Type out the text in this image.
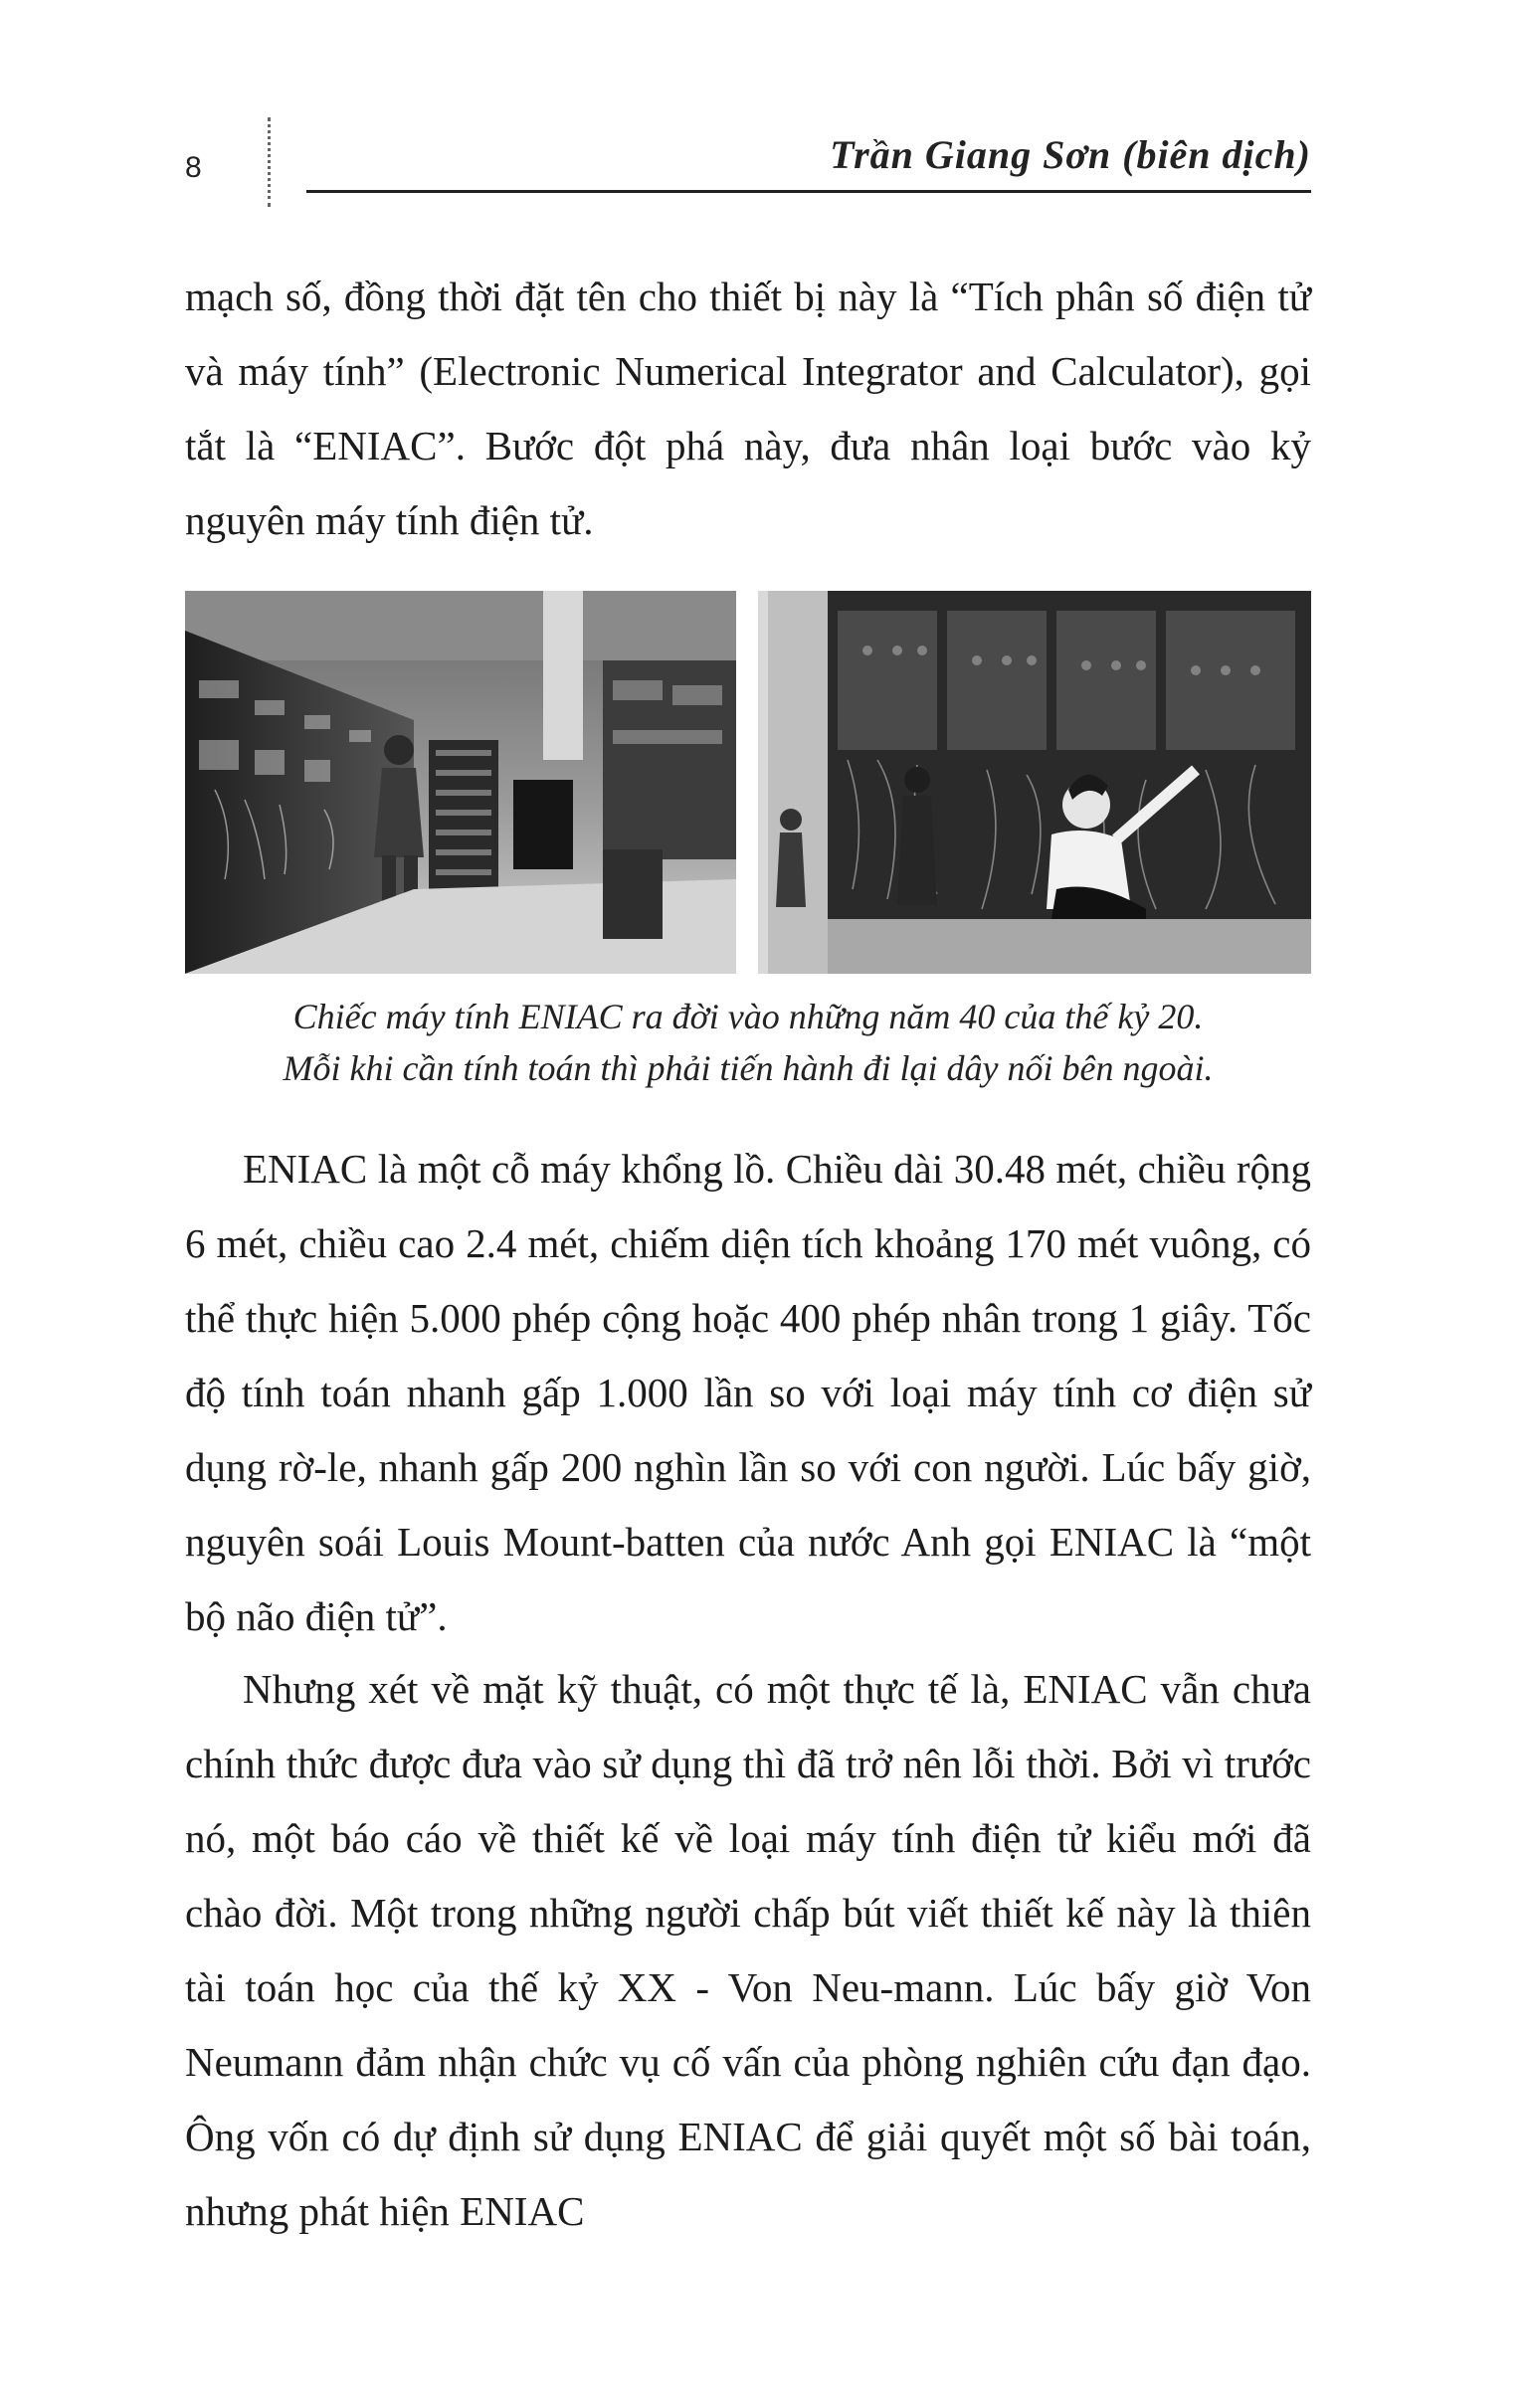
8	Trần Giang Sơn (biên dịch)

mạch số, đồng thời đặt tên cho thiết bị này là “Tích phân số điện tử và máy tính” (Electronic Numerical Integrator and Calculator), gọi tắt là “ENIAC”. Bước đột phá này, đưa nhân loại bước vào kỷ nguyên máy tính điện tử.

Chiếc máy tính ENIAC ra đời vào những năm 40 của thế kỷ 20.
Mỗi khi cần tính toán thì phải tiến hành đi lại dây nối bên ngoài.

ENIAC là một cỗ máy khổng lồ. Chiều dài 30.48 mét, chiều rộng 6 mét, chiều cao 2.4 mét, chiếm diện tích khoảng 170 mét vuông, có thể thực hiện 5.000 phép cộng hoặc 400 phép nhân trong 1 giây. Tốc độ tính toán nhanh gấp 1.000 lần so với loại máy tính cơ điện sử dụng rờ-le, nhanh gấp 200 nghìn lần so với con người. Lúc bấy giờ, nguyên soái Louis Mount-batten của nước Anh gọi ENIAC là “một bộ não điện tử”.

Nhưng xét về mặt kỹ thuật, có một thực tế là, ENIAC vẫn chưa chính thức được đưa vào sử dụng thì đã trở nên lỗi thời. Bởi vì trước nó, một báo cáo về thiết kế về loại máy tính điện tử kiểu mới đã chào đời. Một trong những người chấp bút viết thiết kế này là thiên tài toán học của thế kỷ XX - Von Neu-mann. Lúc bấy giờ Von Neumann đảm nhận chức vụ cố vấn của phòng nghiên cứu đạn đạo. Ông vốn có dự định sử dụng ENIAC để giải quyết một số bài toán, nhưng phát hiện ENIAC
